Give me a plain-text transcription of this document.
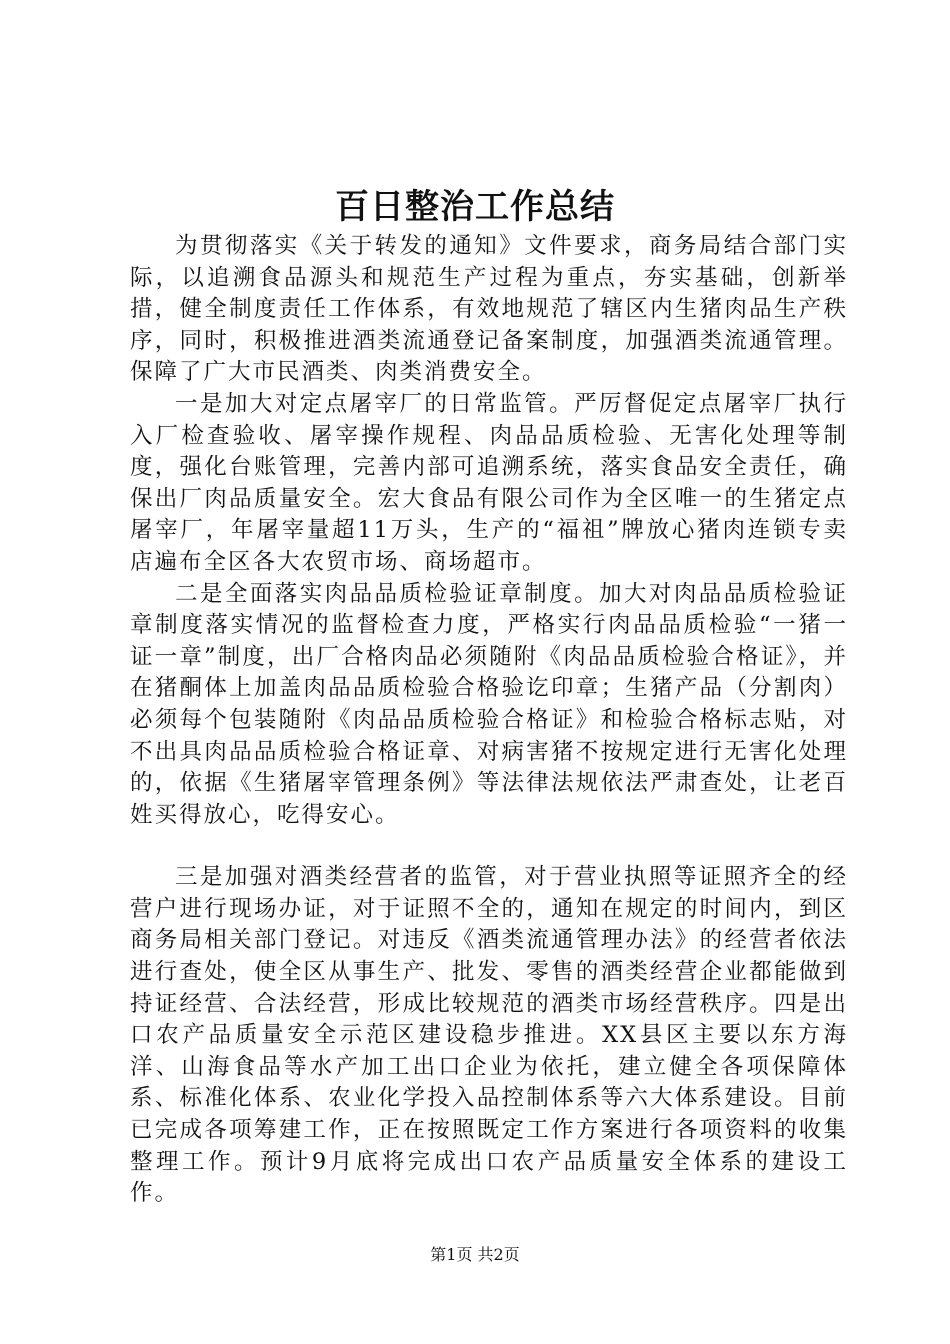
百日整治工作总结

为贯彻落实《关于转发的通知》文件要求，商务局结合部门实际，以追溯食品源头和规范生产过程为重点，夯实基础，创新举措，健全制度责任工作体系，有效地规范了辖区内生猪肉品生产秩序，同时，积极推进酒类流通登记备案制度，加强酒类流通管理。保障了广大市民酒类、肉类消费安全。

一是加大对定点屠宰厂的日常监管。严厉督促定点屠宰厂执行入厂检查验收、屠宰操作规程、肉品品质检验、无害化处理等制度，强化台账管理，完善内部可追溯系统，落实食品安全责任，确保出厂肉品质量安全。宏大食品有限公司作为全区唯一的生猪定点屠宰厂，年屠宰量超11万头，生产的“福祖”牌放心猪肉连锁专卖店遍布全区各大农贸市场、商场超市。

二是全面落实肉品品质检验证章制度。加大对肉品品质检验证章制度落实情况的监督检查力度，严格实行肉品品质检验“一猪一证一章”制度，出厂合格肉品必须随附《肉品品质检验合格证》，并在猪酮体上加盖肉品品质检验合格验讫印章；生猪产品（分割肉）必须每个包装随附《肉品品质检验合格证》和检验合格标志贴，对不出具肉品品质检验合格证章、对病害猪不按规定进行无害化处理的，依据《生猪屠宰管理条例》等法律法规依法严肃查处，让老百姓买得放心，吃得安心。

三是加强对酒类经营者的监管，对于营业执照等证照齐全的经营户进行现场办证，对于证照不全的，通知在规定的时间内，到区商务局相关部门登记。对违反《酒类流通管理办法》的经营者依法进行查处，使全区从事生产、批发、零售的酒类经营企业都能做到持证经营、合法经营，形成比较规范的酒类市场经营秩序。四是出口农产品质量安全示范区建设稳步推进。XX县区主要以东方海洋、山海食品等水产加工出口企业为依托，建立健全各项保障体系、标准化体系、农业化学投入品控制体系等六大体系建设。目前已完成各项筹建工作，正在按照既定工作方案进行各项资料的收集整理工作。预计9月底将完成出口农产品质量安全体系的建设工作。

第1页 共2页
